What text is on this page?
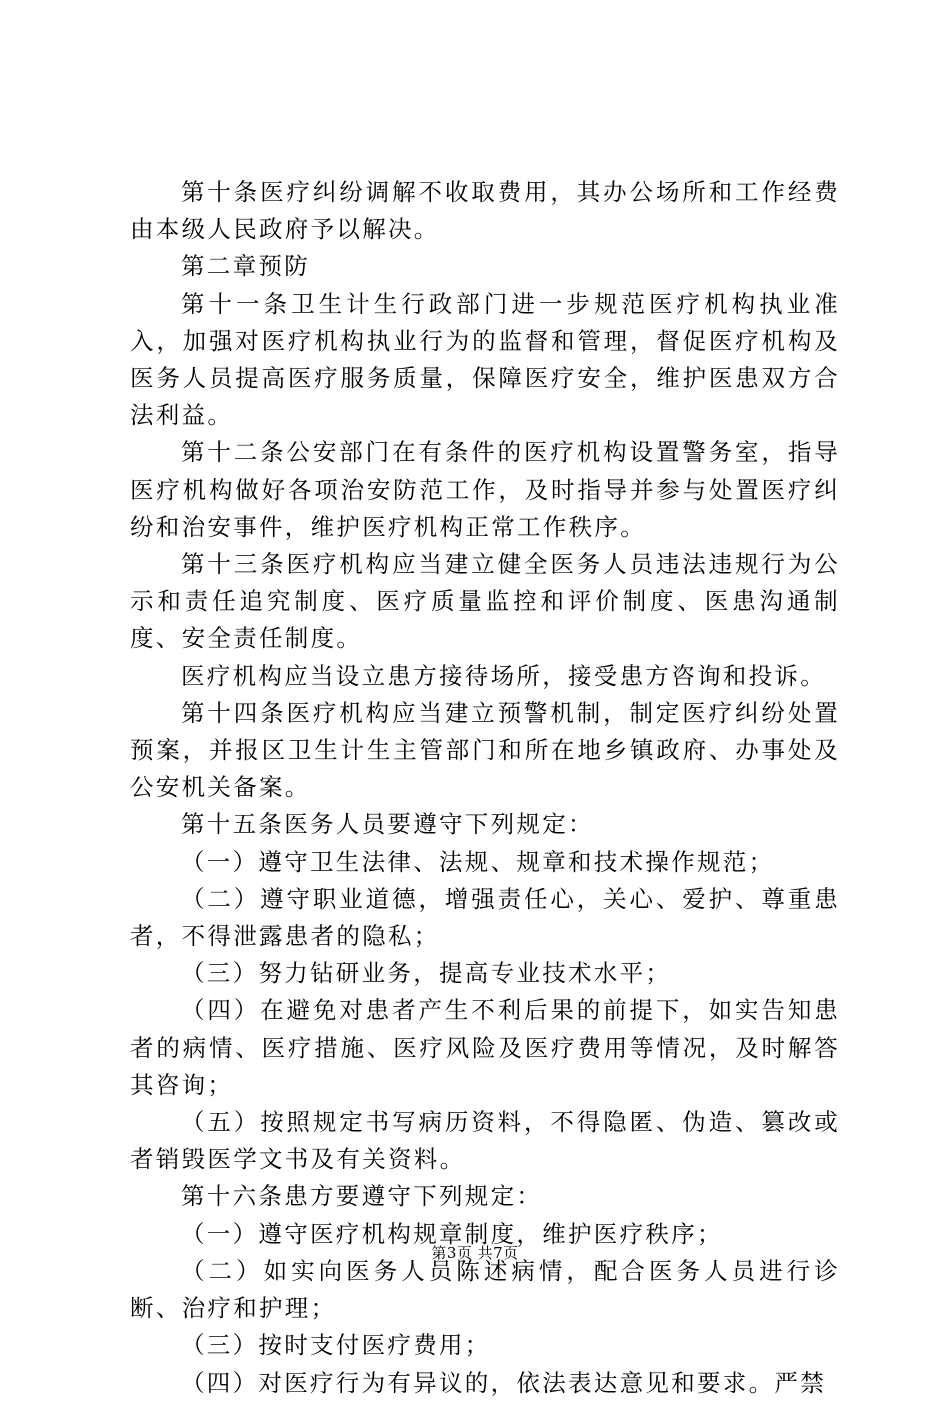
第十条医疗纠纷调解不收取费用，其办公场所和工作经费由本级人民政府予以解决。

第二章预防

第十一条卫生计生行政部门进一步规范医疗机构执业准入，加强对医疗机构执业行为的监督和管理，督促医疗机构及医务人员提高医疗服务质量，保障医疗安全，维护医患双方合法利益。

第十二条公安部门在有条件的医疗机构设置警务室，指导医疗机构做好各项治安防范工作，及时指导并参与处置医疗纠纷和治安事件，维护医疗机构正常工作秩序。

第十三条医疗机构应当建立健全医务人员违法违规行为公示和责任追究制度、医疗质量监控和评价制度、医患沟通制度、安全责任制度。

医疗机构应当设立患方接待场所，接受患方咨询和投诉。

第十四条医疗机构应当建立预警机制，制定医疗纠纷处置预案，并报区卫生计生主管部门和所在地乡镇政府、办事处及公安机关备案。

第十五条医务人员要遵守下列规定：

（一）遵守卫生法律、法规、规章和技术操作规范；

（二）遵守职业道德，增强责任心，关心、爱护、尊重患者，不得泄露患者的隐私；

（三）努力钻研业务，提高专业技术水平；

（四）在避免对患者产生不利后果的前提下，如实告知患者的病情、医疗措施、医疗风险及医疗费用等情况，及时解答其咨询；

（五）按照规定书写病历资料，不得隐匿、伪造、篡改或者销毁医学文书及有关资料。

第十六条患方要遵守下列规定：

（一）遵守医疗机构规章制度，维护医疗秩序；

（二）如实向医务人员陈述病情，配合医务人员进行诊断、治疗和护理；

（三）按时支付医疗费用；

（四）对医疗行为有异议的，依法表达意见和要求。严禁

第3页 共7页
